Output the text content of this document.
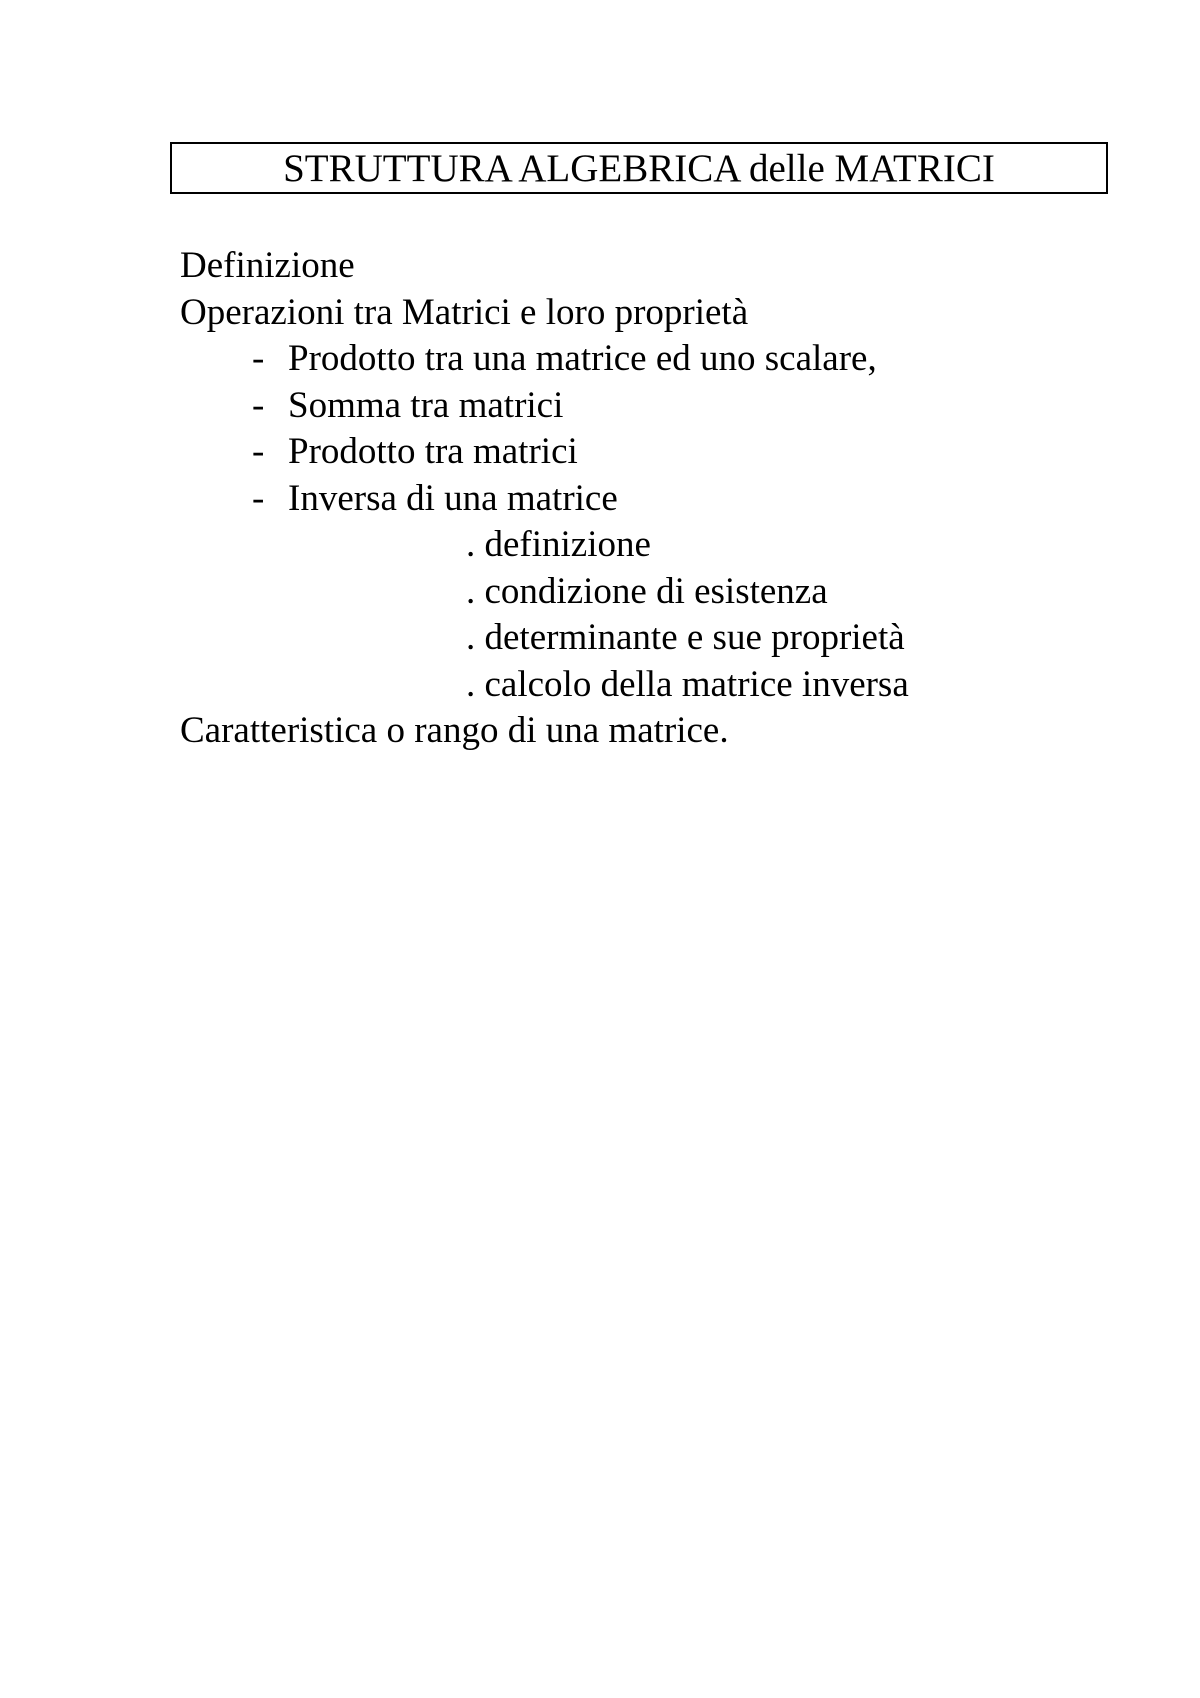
STRUTTURA ALGEBRICA delle MATRICI

Definizione

Operazioni tra Matrici e loro proprietà

- Prodotto tra una matrice ed uno scalare,

- Somma tra matrici

- Prodotto tra matrici

- Inversa di una matrice

. definizione

. condizione di esistenza

. determinante e sue proprietà

. calcolo della matrice inversa

Caratteristica o rango di una matrice.
